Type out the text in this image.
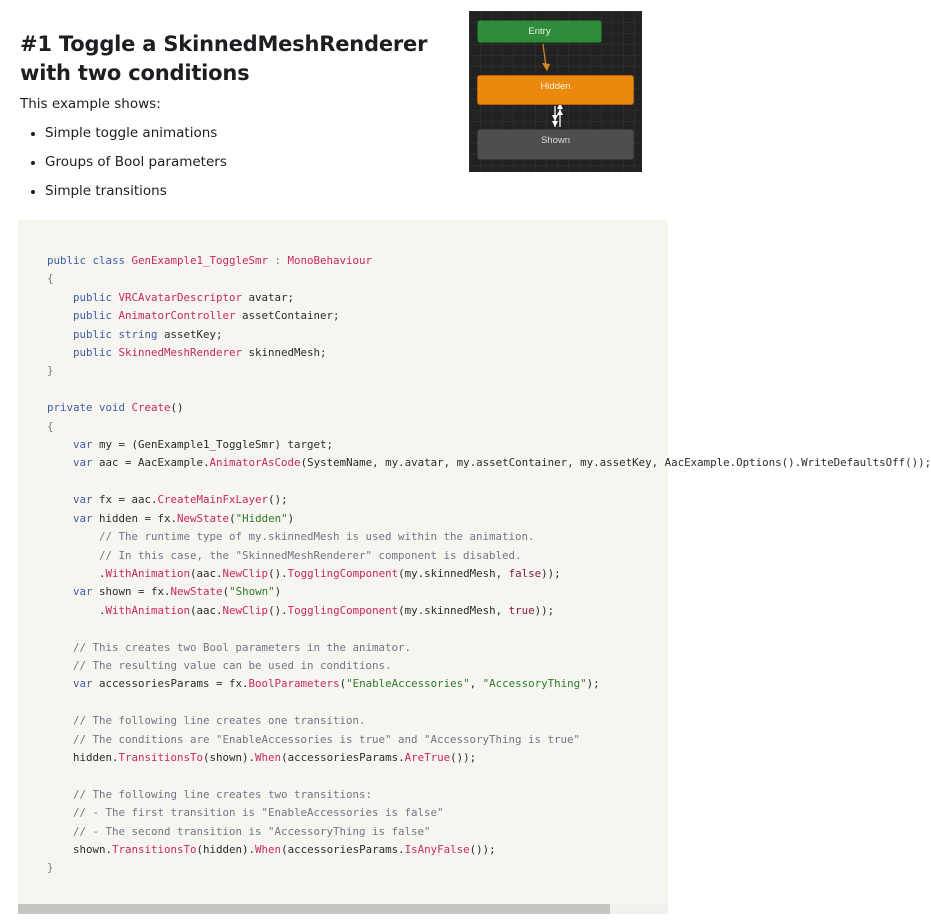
#1 Toggle a SkinnedMeshRenderer with two conditions

This example shows:

• Simple toggle animations
• Groups of Bool parameters
• Simple transitions
Entry
Hidden
Shown
public class GenExample1_ToggleSmr : MonoBehaviour
{
public VRCAvatarDescriptor avatar;
public AnimatorController assetContainer;
public string assetKey;
public SkinnedMeshRenderer skinnedMesh;
}

private void Create()
{
var my = (GenExample1_ToggleSmr) target;
var aac = AacExample.AnimatorAsCode(SystemName, my.avatar, my.assetContainer, my.assetKey, AacExample.Options().WriteDefaultsOff());

var fx = aac.CreateMainFxLayer();
var hidden = fx.NewState("Hidden")
// The runtime type of my.skinnedMesh is used within the animation.
// In this case, the "SkinnedMeshRenderer" component is disabled.
.WithAnimation(aac.NewClip().TogglingComponent(my.skinnedMesh, false));
var shown = fx.NewState("Shown")
.WithAnimation(aac.NewClip().TogglingComponent(my.skinnedMesh, true));

// This creates two Bool parameters in the animator.
// The resulting value can be used in conditions.
var accessoriesParams = fx.BoolParameters("EnableAccessories", "AccessoryThing");

// The following line creates one transition.
// The conditions are "EnableAccessories is true" and "AccessoryThing is true"
hidden.TransitionsTo(shown).When(accessoriesParams.AreTrue());

// The following line creates two transitions:
// - The first transition is "EnableAccessories is false"
// - The second transition is "AccessoryThing is false"
shown.TransitionsTo(hidden).When(accessoriesParams.IsAnyFalse());
}
